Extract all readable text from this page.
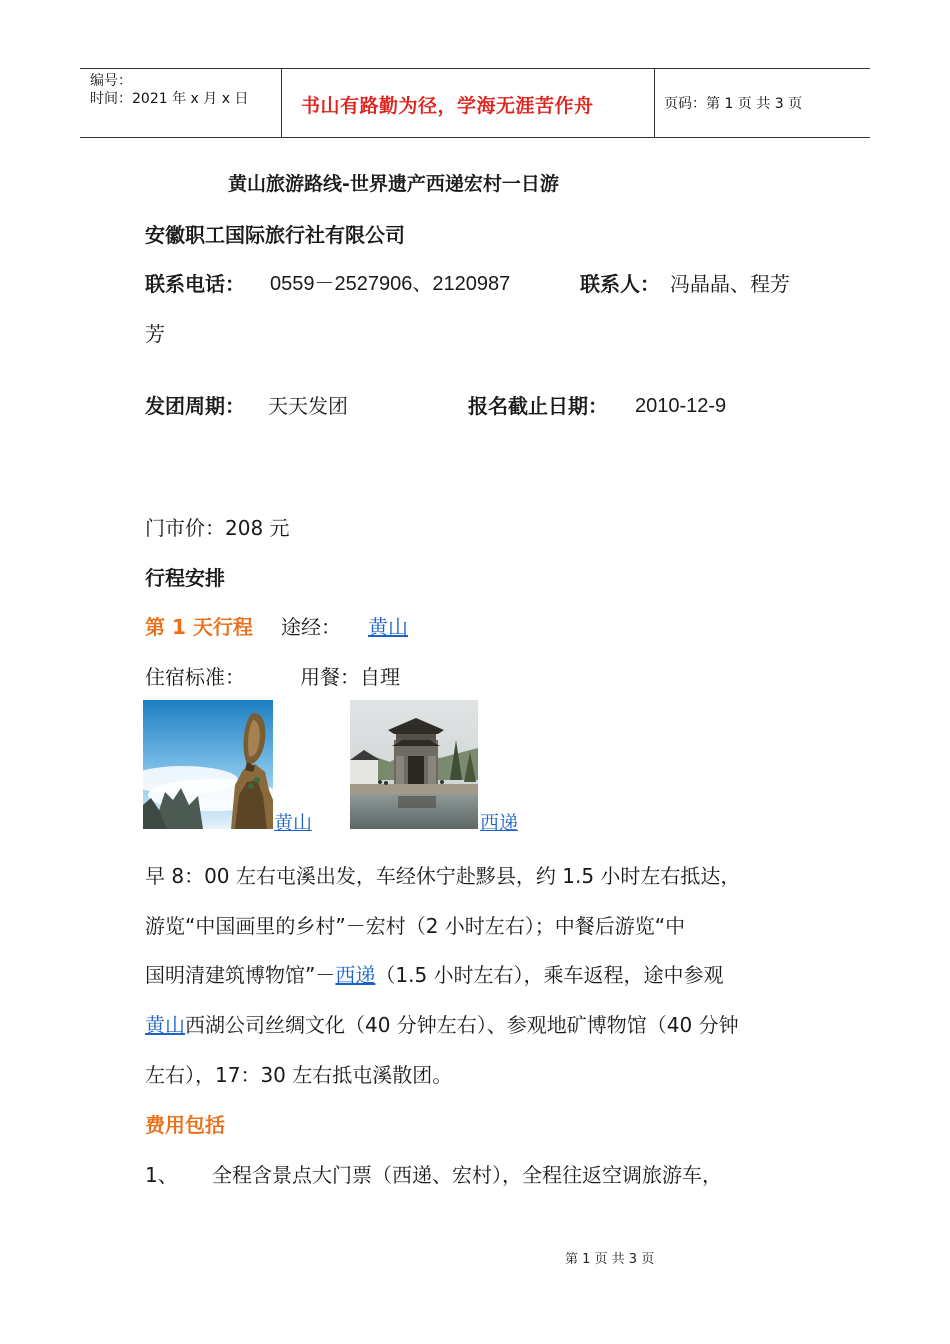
编号：
时间：2021 年 x 月 x 日	书山有路勤为径，学海无涯苦作舟	页码：第 1 页 共 3 页
黄山旅游路线-世界遗产西递宏村一日游
安徽职工国际旅行社有限公司
联系电话： 0559－2527906、2120987	联系人： 冯晶晶、程芳
芳
发团周期： 天天发团	报名截止日期： 2010-12-9
门市价：208 元
行程安排
第 1 天行程 途经： 黄山
住宿标准：	用餐：自理
黄山	西递
早 8：00 左右屯溪出发，车经休宁赴黟县，约 1.5 小时左右抵达，
游览“中国画里的乡村”－宏村（2 小时左右）；中餐后游览“中
国明清建筑博物馆”－西递（1.5 小时左右），乘车返程，途中参观
黄山西湖公司丝绸文化（40 分钟左右）、参观地矿博物馆（40 分钟
左右），17：30 左右抵屯溪散团。
费用包括
1、 全程含景点大门票（西递、宏村），全程往返空调旅游车，
第 1 页 共 3 页
